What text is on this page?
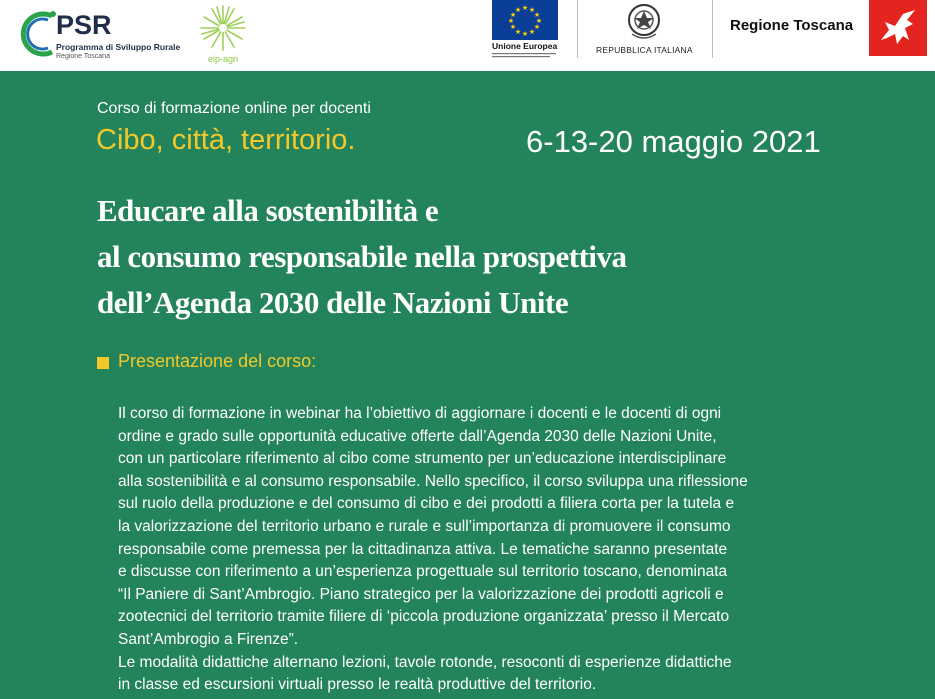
PSR
Programma di Sviluppo Rurale
Regione Toscana	eip-agri
★ ★
★
★
★
★
★
★
★
★
★
★
Unione Europea	REPUBBLICA ITALIANA
Regione Toscana
Corso di formazione online per docenti
Cibo, città, territorio.	6-13-20 maggio 2021
Educare alla sostenibilità e
al consumo responsabile nella prospettiva
dell’Agenda 2030 delle Nazioni Unite
Presentazione del corso:
Il corso di formazione in webinar ha l’obiettivo di aggiornare i docenti e le docenti di ogni
ordine e grado sulle opportunità educative offerte dall’Agenda 2030 delle Nazioni Unite,
con un particolare riferimento al cibo come strumento per un’educazione interdisciplinare
alla sostenibilità e al consumo responsabile. Nello specifico, il corso sviluppa una riflessione
sul ruolo della produzione e del consumo di cibo e dei prodotti a filiera corta per la tutela e
la valorizzazione del territorio urbano e rurale e sull’importanza di promuovere il consumo
responsabile come premessa per la cittadinanza attiva. Le tematiche saranno presentate
e discusse con riferimento a un’esperienza progettuale sul territorio toscano, denominata
“Il Paniere di Sant’Ambrogio. Piano strategico per la valorizzazione dei prodotti agricoli e
zootecnici del territorio tramite filiere di ‘piccola produzione organizzata’ presso il Mercato
Sant’Ambrogio a Firenze”.
Le modalità didattiche alternano lezioni, tavole rotonde, resoconti di esperienze didattiche
in classe ed escursioni virtuali presso le realtà produttive del territorio.
